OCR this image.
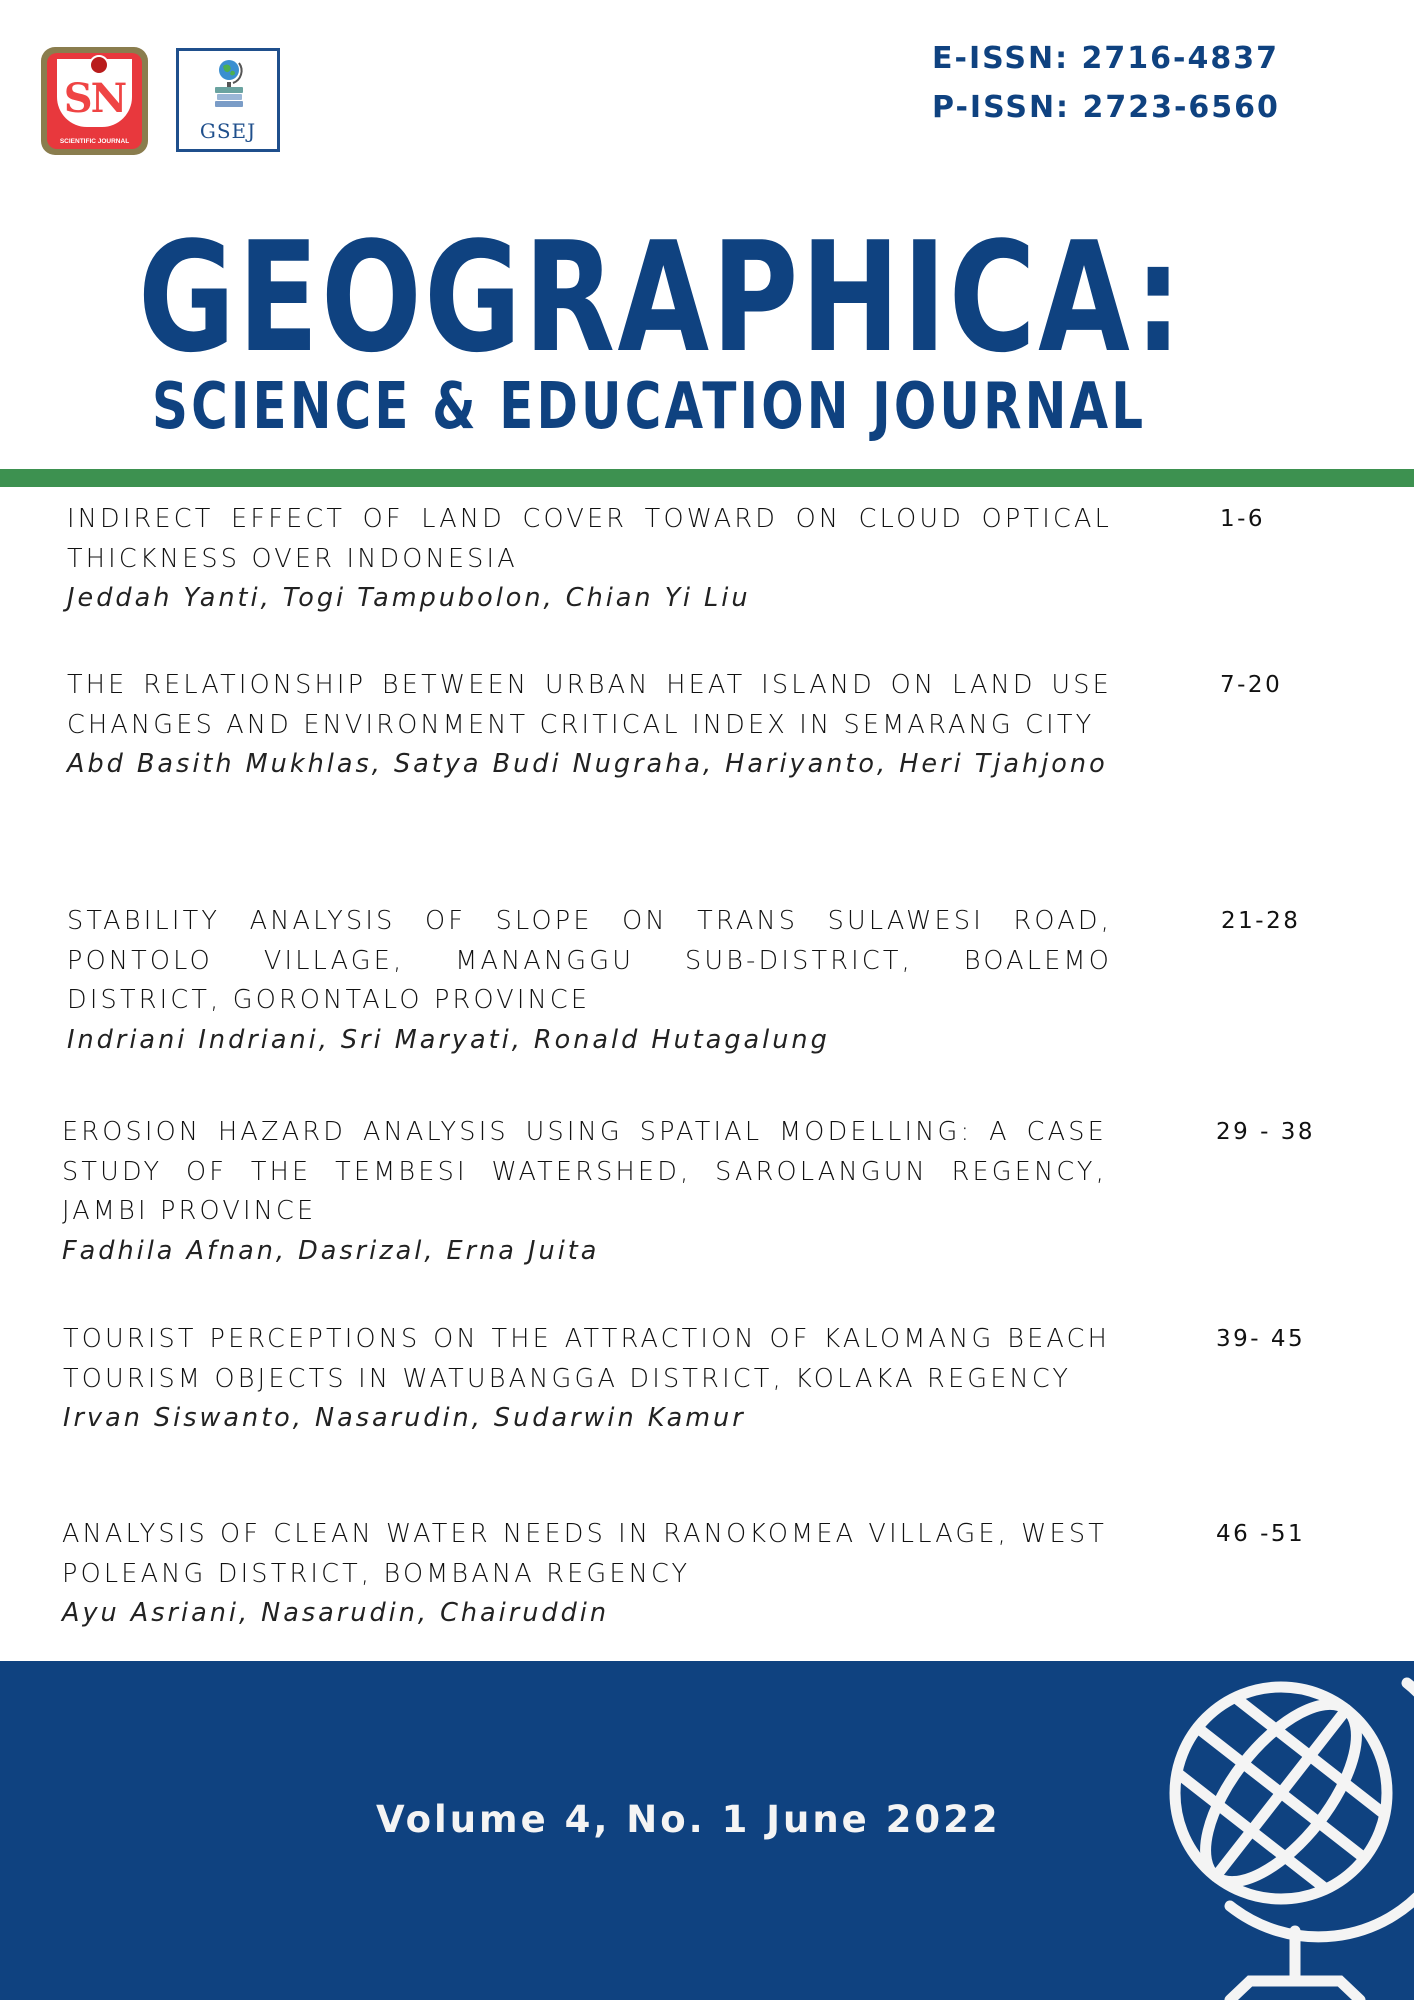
SN
SCIENTIFIC JOURNAL	GSEJ
E-ISSN: 2716-4837
P-ISSN: 2723-6560
GEOGRAPHICA:
SCIENCE & EDUCATION JOURNAL
INDIRECT EFFECT OF LAND COVER TOWARD ON CLOUD OPTICAL THICKNESS OVER INDONESIA
Jeddah Yanti, Togi Tampubolon, Chian Yi Liu
1-6
THE RELATIONSHIP BETWEEN URBAN HEAT ISLAND ON LAND USE CHANGES AND ENVIRONMENT CRITICAL INDEX IN SEMARANG CITY
Abd Basith Mukhlas, Satya Budi Nugraha, Hariyanto, Heri Tjahjono
7-20
STABILITY ANALYSIS OF SLOPE ON TRANS SULAWESI ROAD, PONTOLO VILLAGE, MANANGGU SUB-DISTRICT, BOALEMO DISTRICT, GORONTALO PROVINCE
Indriani Indriani, Sri Maryati, Ronald Hutagalung
21-28
EROSION HAZARD ANALYSIS USING SPATIAL MODELLING: A CASE STUDY OF THE TEMBESI WATERSHED, SAROLANGUN REGENCY, JAMBI PROVINCE
Fadhila Afnan, Dasrizal, Erna Juita
29 - 38
TOURIST PERCEPTIONS ON THE ATTRACTION OF KALOMANG BEACH TOURISM OBJECTS IN WATUBANGGA DISTRICT, KOLAKA REGENCY
Irvan Siswanto, Nasarudin, Sudarwin Kamur
39- 45
ANALYSIS OF CLEAN WATER NEEDS IN RANOKOMEA VILLAGE, WEST POLEANG DISTRICT, BOMBANA REGENCY
Ayu Asriani, Nasarudin, Chairuddin
46 -51
Volume 4, No. 1 June 2022
